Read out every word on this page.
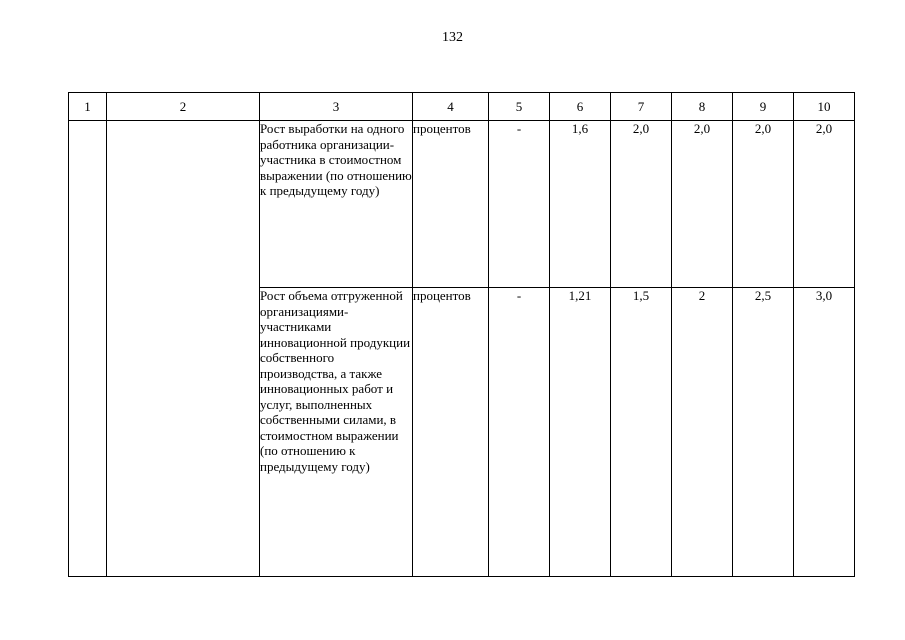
132
1	2	3	4	5	6	7	8	9	10
		Рост выработки на одного работника организации-участника в стоимостном выражении (по отношению к предыдущему году)	процентов	-	1,6	2,0	2,0	2,0	2,0
		Рост объема отгруженной организациями-участниками инновационной продукции собственного производства, а также инновационных работ и услуг, выполненных собственными силами, в стоимостном выражении (по отношению к предыдущему году)	процентов	-	1,21	1,5	2	2,5	3,0
